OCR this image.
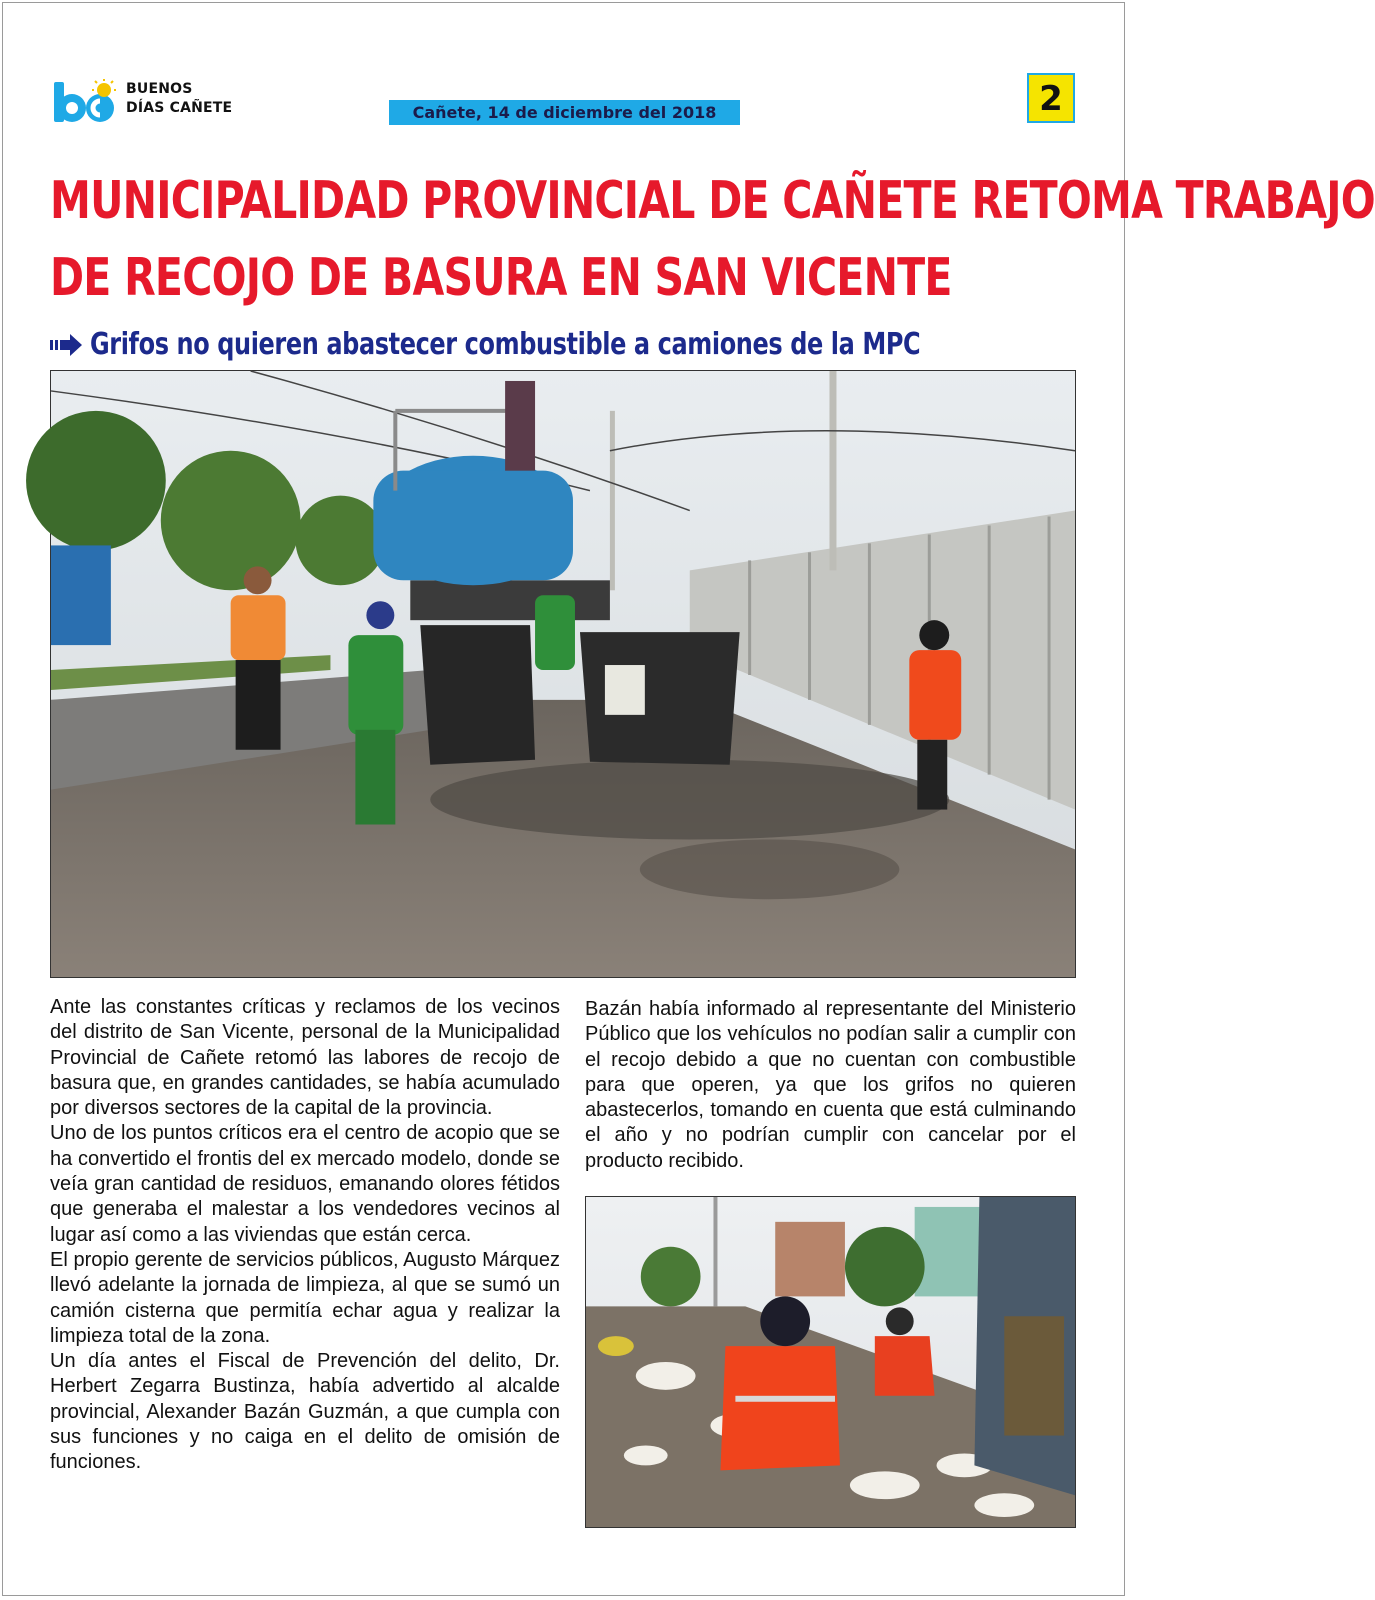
BUENOS
DÍAS CAÑETE	Cañete, 14 de diciembre del 2018	2
MUNICIPALIDAD PROVINCIAL DE CAÑETE RETOMA TRABAJO
DE RECOJO DE BASURA EN SAN VICENTE
Grifos no quieren abastecer combustible a camiones de la MPC

Ante las constantes críticas y reclamos de los vecinos del distrito de San Vicente, personal de la Municipalidad Provincial de Cañete retomó las labores de recojo de basura que, en grandes cantidades, se había acumulado por diversos sectores de la capital de la provincia.

Uno de los puntos críticos era el centro de acopio que se ha convertido el frontis del ex mercado modelo, donde se veía gran cantidad de residuos, emanando olores fétidos que generaba el malestar a los vendedores vecinos al lugar así como a las viviendas que están cerca.

El propio gerente de servicios públicos, Augusto Márquez llevó adelante la jornada de limpieza, al que se sumó un camión cisterna que permitía echar agua y realizar la limpieza total de la zona.

Un día antes el Fiscal de Prevención del delito, Dr. Herbert Zegarra Bustinza, había advertido al alcalde provincial, Alexander Bazán Guzmán, a que cumpla con sus funciones y no caiga en el delito de omisión de funciones.

Bazán había informado al representante del Ministerio Público que los vehículos no podían salir a cumplir con el recojo debido a que no cuentan con combustible para que operen, ya que los grifos no quieren abastecerlos, tomando en cuenta que está culminando el año y no podrían cumplir con cancelar por el producto recibido.
